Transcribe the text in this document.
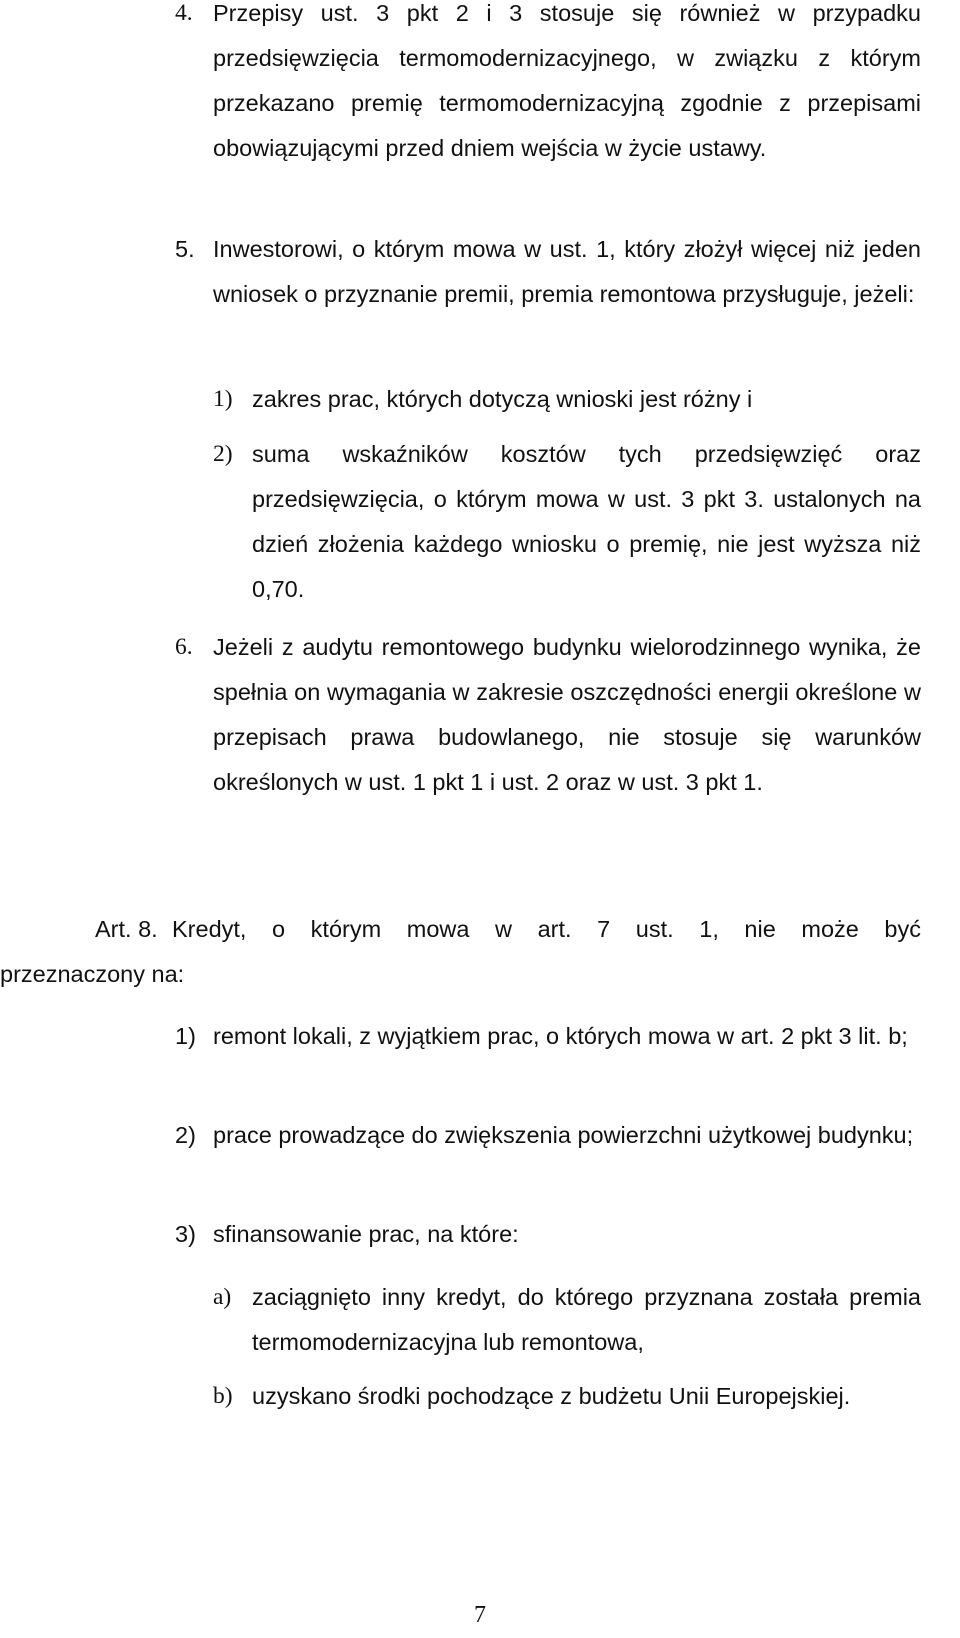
4. Przepisy ust. 3 pkt 2 i 3 stosuje się również w przypadku przedsięwzięcia termomodernizacyjnego, w związku z którym przekazano premię termomodernizacyjną zgodnie z przepisami obowiązującymi przed dniem wejścia w życie ustawy.
5. Inwestorowi, o którym mowa w ust. 1, który złożył więcej niż jeden wniosek o przyznanie premii, premia remontowa przysługuje, jeżeli:
1) zakres prac, których dotyczą wnioski jest różny i
2) suma wskaźników kosztów tych przedsięwzięć oraz przedsięwzięcia, o którym mowa w ust. 3 pkt 3. ustalonych na dzień złożenia każdego wniosku o premię, nie jest wyższa niż 0,70.
6. Jeżeli z audytu remontowego budynku wielorodzinnego wynika, że spełnia on wymagania w zakresie oszczędności energii określone w przepisach prawa budowlanego, nie stosuje się warunków określonych w ust. 1 pkt 1 i ust. 2 oraz w ust. 3 pkt 1.
Art. 8. Kredyt, o którym mowa w art. 7 ust. 1, nie może być
przeznaczony na:
1) remont lokali, z wyjątkiem prac, o których mowa w art. 2 pkt 3 lit. b;
2) prace prowadzące do zwiększenia powierzchni użytkowej budynku;
3) sfinansowanie prac, na które:
a) zaciągnięto inny kredyt, do którego przyznana została premia termomodernizacyjna lub remontowa,
b) uzyskano środki pochodzące z budżetu Unii Europejskiej.
7
